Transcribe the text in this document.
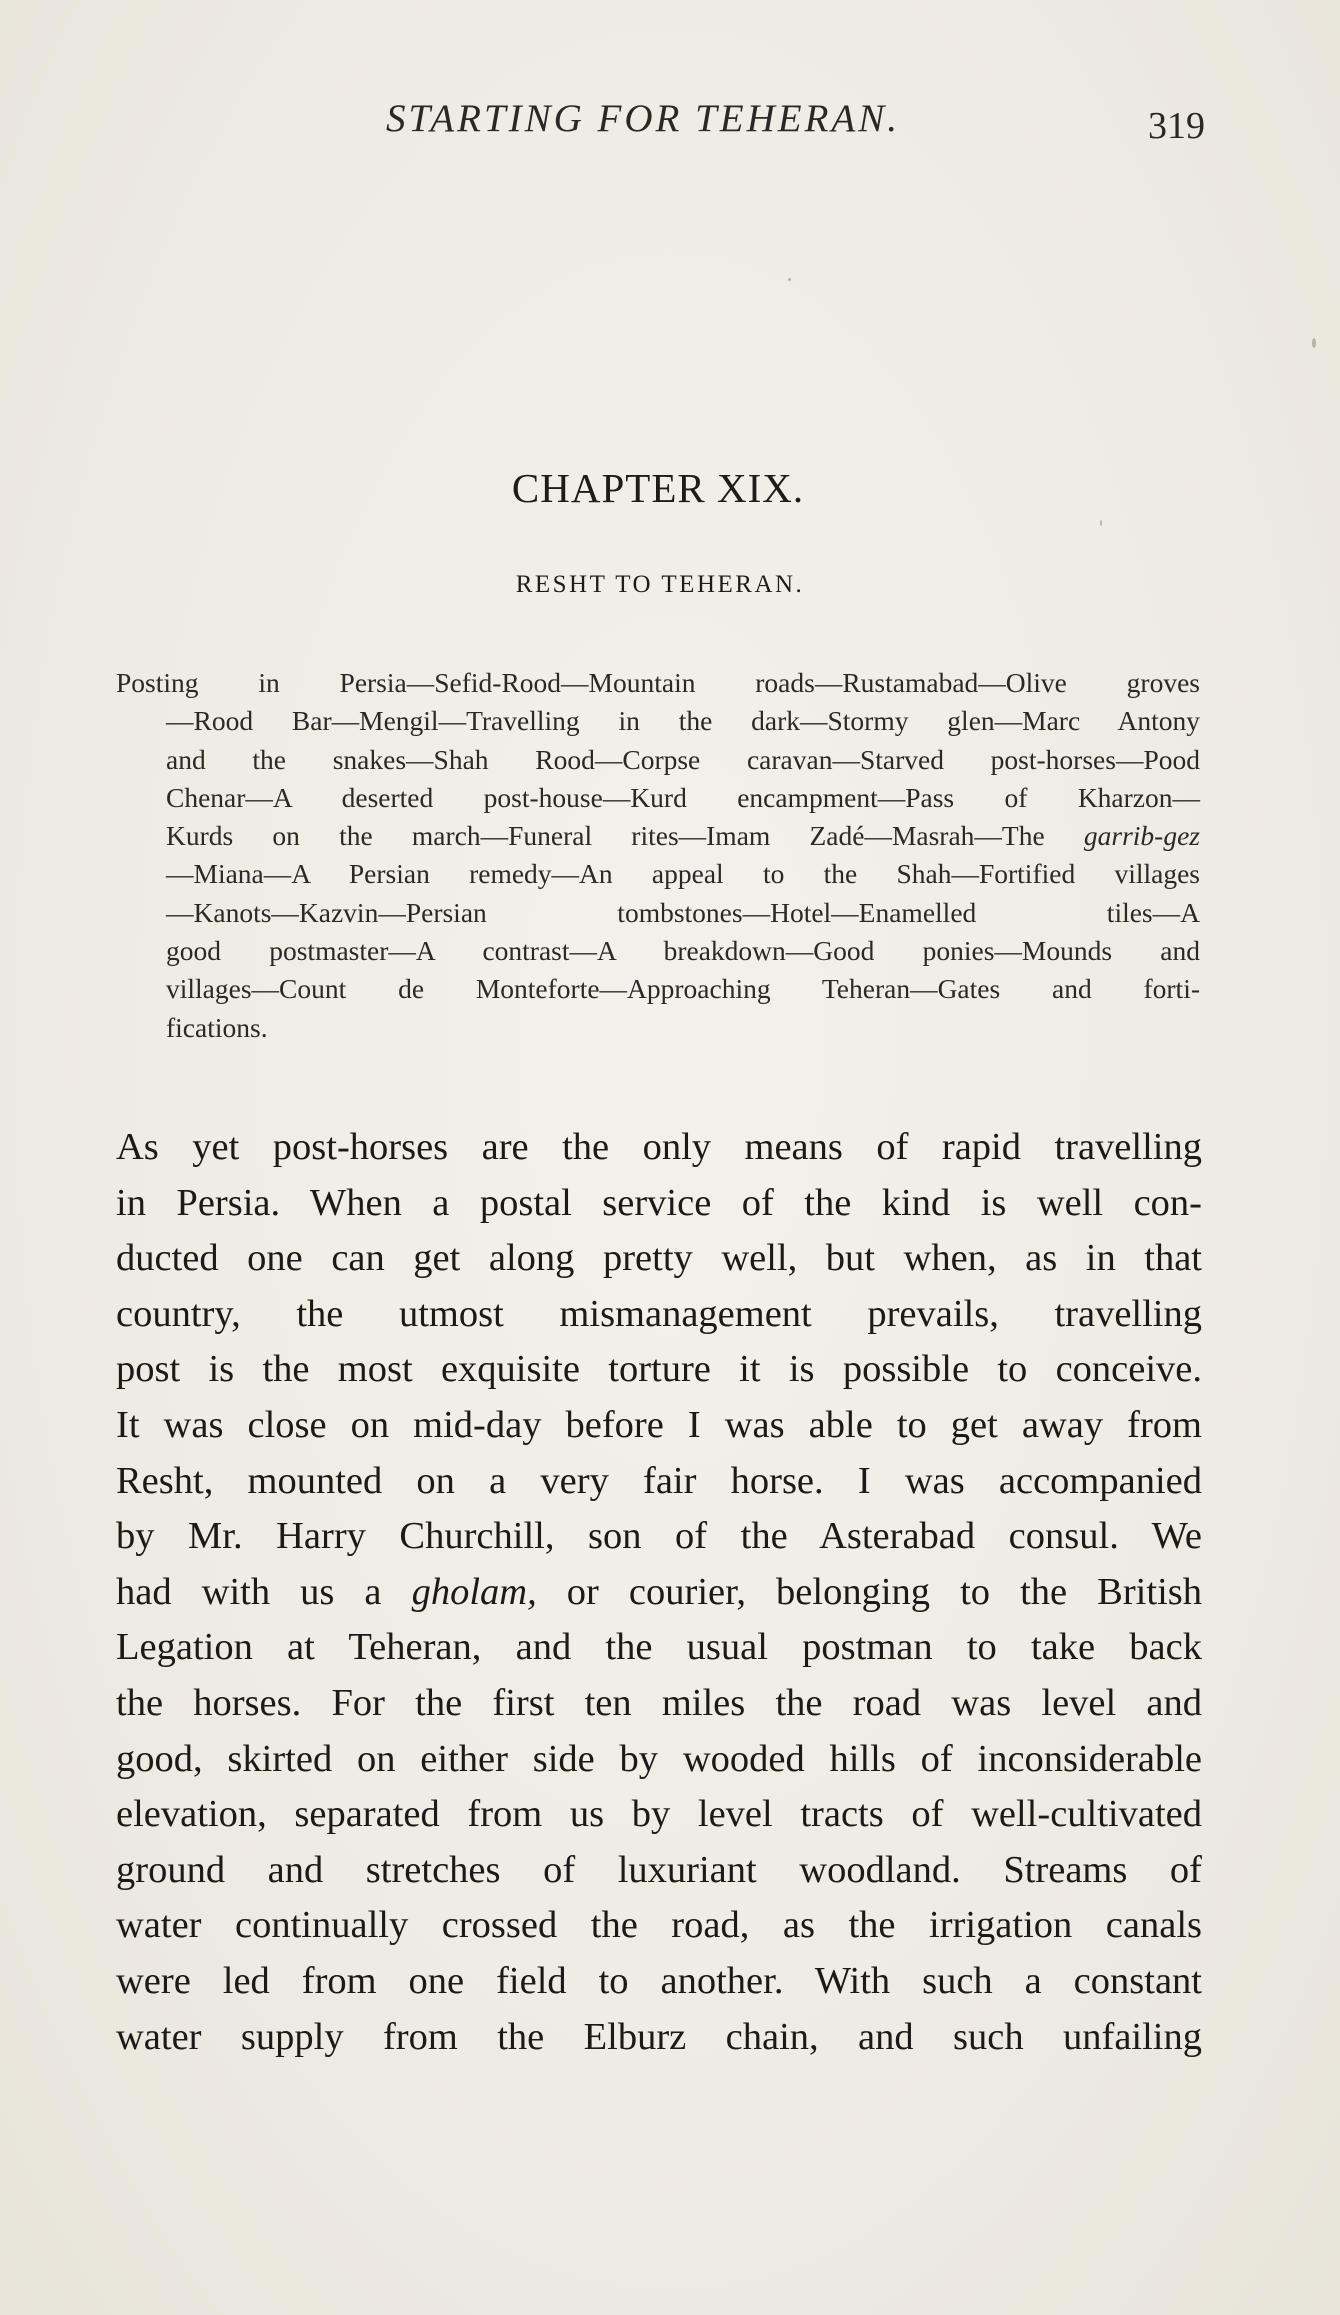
STARTING FOR TEHERAN.	319
CHAPTER XIX.
RESHT TO TEHERAN.
Posting in Persia—Sefid-Rood—Mountain roads—Rustamabad—Olive groves
—Rood Bar—Mengil—Travelling in the dark—Stormy glen—Marc Antony
and the snakes—Shah Rood—Corpse caravan—Starved post-horses—Pood
Chenar—A deserted post-house—Kurd encampment—Pass of Kharzon—
Kurds on the march—Funeral rites—Imam Zadé—Masrah—The garrib-gez
—Miana—A Persian remedy—An appeal to the Shah—Fortified villages
—Kanots—Kazvin—Persian tombstones—Hotel—Enamelled tiles—A
good postmaster—A contrast—A breakdown—Good ponies—Mounds and
villages—Count de Monteforte—Approaching Teheran—Gates and forti-
fications.
As yet post-horses are the only means of rapid travelling
in Persia. When a postal service of the kind is well con-
ducted one can get along pretty well, but when, as in that
country, the utmost mismanagement prevails, travelling
post is the most exquisite torture it is possible to conceive.
It was close on mid-day before I was able to get away from
Resht, mounted on a very fair horse. I was accompanied
by Mr. Harry Churchill, son of the Asterabad consul. We
had with us a gholam, or courier, belonging to the British
Legation at Teheran, and the usual postman to take back
the horses. For the first ten miles the road was level and
good, skirted on either side by wooded hills of inconsiderable
elevation, separated from us by level tracts of well-cultivated
ground and stretches of luxuriant woodland. Streams of
water continually crossed the road, as the irrigation canals
were led from one field to another. With such a constant
water supply from the Elburz chain, and such unfailing
